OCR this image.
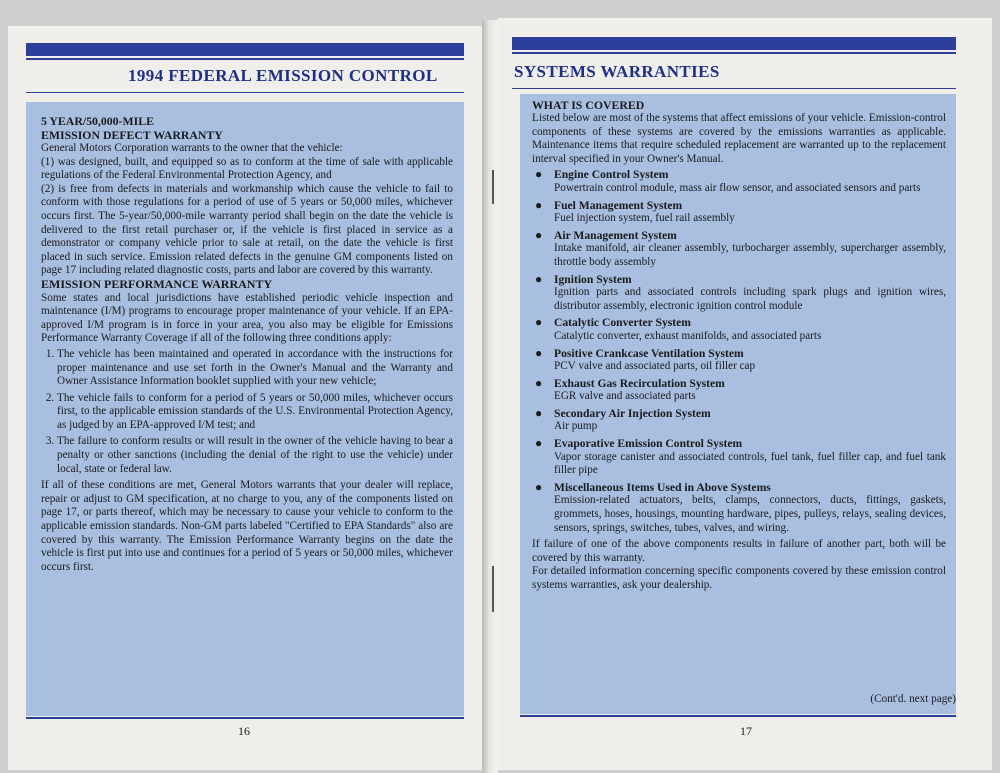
1994 FEDERAL EMISSION CONTROL

5 YEAR/50,000-MILE

EMISSION DEFECT WARRANTY

General Motors Corporation warrants to the owner that the vehicle:

(1) was designed, built, and equipped so as to conform at the time of sale with applicable regulations of the Federal Environmental Protection Agency, and

(2) is free from defects in materials and workmanship which cause the vehicle to fail to conform with those regulations for a period of use of 5 years or 50,000 miles, whichever occurs first. The 5-year/50,000-mile warranty period shall begin on the date the vehicle is delivered to the first retail purchaser or, if the vehicle is first placed in service as a demonstrator or company vehicle prior to sale at retail, on the date the vehicle is first placed in such service. Emission related defects in the genuine GM components listed on page 17 including related diagnostic costs, parts and labor are covered by this warranty.

EMISSION PERFORMANCE WARRANTY

Some states and local jurisdictions have established periodic vehicle inspection and maintenance (I/M) programs to encourage proper maintenance of your vehicle. If an EPA-approved I/M program is in force in your area, you also may be eligible for Emissions Performance Warranty Coverage if all of the following three conditions apply:

1. The vehicle has been maintained and operated in accordance with the instructions for proper maintenance and use set forth in the Owner's Manual and the Warranty and Owner Assistance Information booklet supplied with your new vehicle;
2. The vehicle fails to conform for a period of 5 years or 50,000 miles, whichever occurs first, to the applicable emission standards of the U.S. Environmental Protection Agency, as judged by an EPA-approved I/M test; and
3. The failure to conform results or will result in the owner of the vehicle having to bear a penalty or other sanctions (including the denial of the right to use the vehicle) under local, state or federal law.

If all of these conditions are met, General Motors warrants that your dealer will replace, repair or adjust to GM specification, at no charge to you, any of the components listed on page 17, or parts thereof, which may be necessary to cause your vehicle to conform to the applicable emission standards. Non-GM parts labeled "Certified to EPA Standards" also are covered by this warranty. The Emission Performance Warranty begins on the date the vehicle is first put into use and continues for a period of 5 years or 50,000 miles, whichever occurs first.

16
SYSTEMS WARRANTIES

WHAT IS COVERED

Listed below are most of the systems that affect emissions of your vehicle. Emission-control components of these systems are covered by the emissions warranties as applicable. Maintenance items that require scheduled replacement are warranted up to the replacement interval specified in your Owner's Manual.

● Engine Control System
Powertrain control module, mass air flow sensor, and associated sensors and parts
● Fuel Management System
Fuel injection system, fuel rail assembly
● Air Management System
Intake manifold, air cleaner assembly, turbocharger assembly, supercharger assembly, throttle body assembly
● Ignition System
Ignition parts and associated controls including spark plugs and ignition wires, distributor assembly, electronic ignition control module
● Catalytic Converter System
Catalytic converter, exhaust manifolds, and associated parts
● Positive Crankcase Ventilation System
PCV valve and associated parts, oil filler cap
● Exhaust Gas Recirculation System
EGR valve and associated parts
● Secondary Air Injection System
Air pump
● Evaporative Emission Control System
Vapor storage canister and associated controls, fuel tank, fuel filler cap, and fuel tank filler pipe
● Miscellaneous Items Used in Above Systems
Emission-related actuators, belts, clamps, connectors, ducts, fittings, gaskets, grommets, hoses, housings, mounting hardware, pipes, pulleys, relays, sealing devices, sensors, springs, switches, tubes, valves, and wiring.

If failure of one of the above components results in failure of another part, both will be covered by this warranty.

For detailed information concerning specific components covered by these emission control systems warranties, ask your dealership.

(Cont'd. next page)
17
